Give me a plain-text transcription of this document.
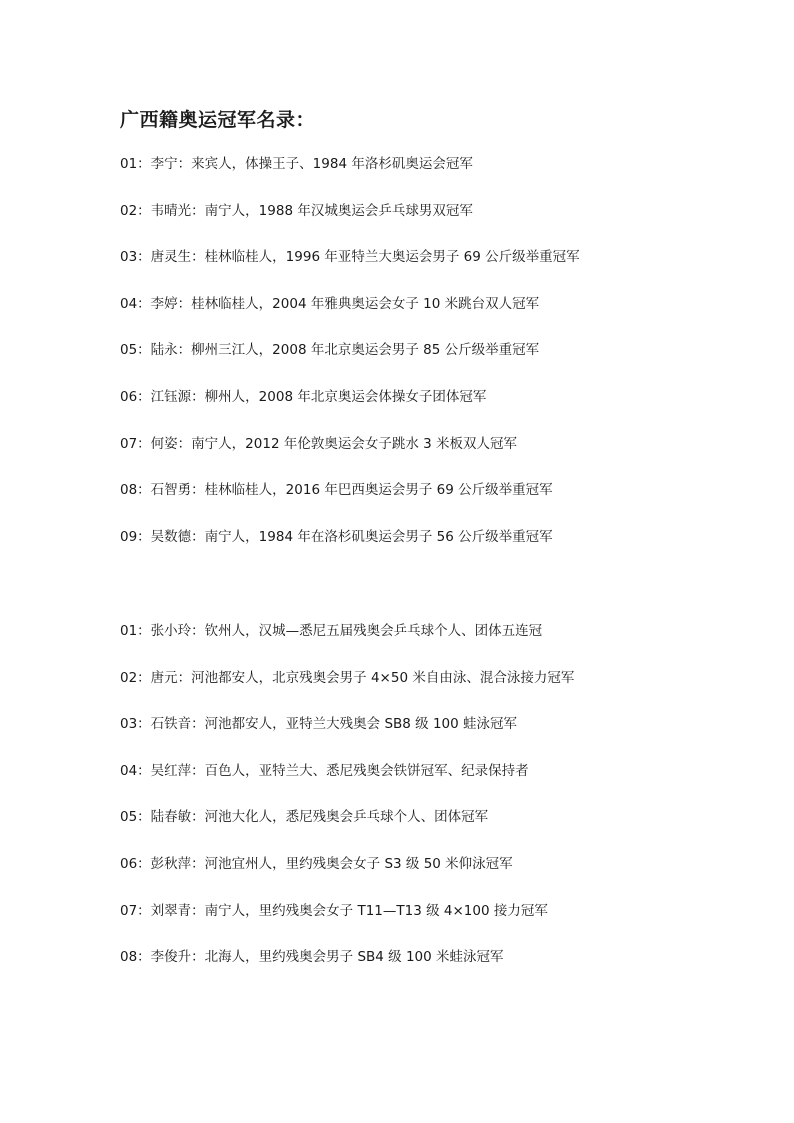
广西籍奥运冠军名录：
01：李宁：来宾人，体操王子、1984 年洛杉矶奥运会冠军
02：韦晴光：南宁人，1988 年汉城奥运会乒乓球男双冠军
03：唐灵生：桂林临桂人，1996 年亚特兰大奥运会男子 69 公斤级举重冠军
04：李婷：桂林临桂人，2004 年雅典奥运会女子 10 米跳台双人冠军
05：陆永：柳州三江人，2008 年北京奥运会男子 85 公斤级举重冠军
06：江钰源：柳州人，2008 年北京奥运会体操女子团体冠军
07：何姿：南宁人，2012 年伦敦奥运会女子跳水 3 米板双人冠军
08：石智勇：桂林临桂人，2016 年巴西奥运会男子 69 公斤级举重冠军
09：吴数德：南宁人，1984 年在洛杉矶奥运会男子 56 公斤级举重冠军
01：张小玲：钦州人，汉城—悉尼五届残奥会乒乓球个人、团体五连冠
02：唐元：河池都安人，北京残奥会男子 4×50 米自由泳、混合泳接力冠军
03：石铁音：河池都安人，亚特兰大残奥会 SB8 级 100 蛙泳冠军
04：吴红萍：百色人，亚特兰大、悉尼残奥会铁饼冠军、纪录保持者
05：陆春敏：河池大化人，悉尼残奥会乒乓球个人、团体冠军
06：彭秋萍：河池宜州人，里约残奥会女子 S3 级 50 米仰泳冠军
07：刘翠青：南宁人，里约残奥会女子 T11—T13 级 4×100 接力冠军
08：李俊升：北海人，里约残奥会男子 SB4 级 100 米蛙泳冠军
